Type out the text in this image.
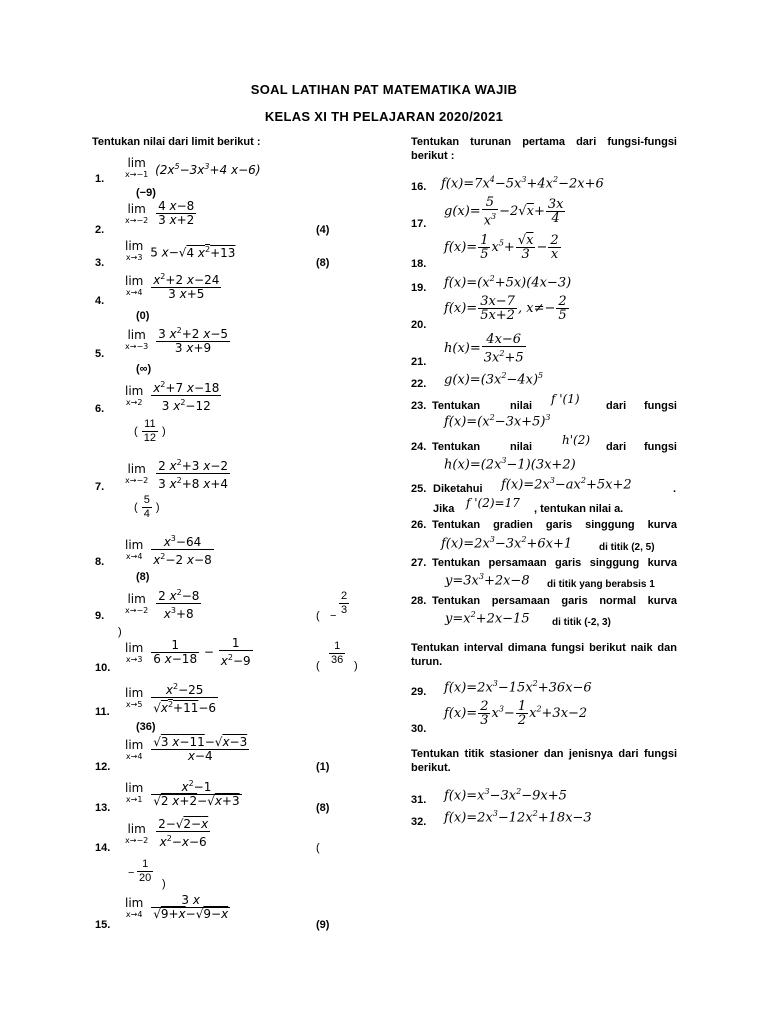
SOAL LATIHAN PAT MATEMATIKA WAJIB
KELAS XI TH PELAJARAN 2020/2021
Tentukan nilai dari limit berikut :
1.
lim
x→−1 ($2x^5-3x^3+4$ x−6)
(−9)
2.
lim
x→−2
$\frac{4 x-8}{3 x+2}$
(4)
3.
lim
x→3 5 x−√4 $x^2+13$
(8)
4.
lim
x→4
$\frac{x^2+2 x-24}{3 x+5}$
(0)
5.
lim
x→−3
$\frac{3 x^2+2 x-5}{3 x+9}$
(∞)
6.
lim
x→2
$\frac{x^2+7 x-18}{3 x^2-12}$
( $\frac{11}{12}$ )
7.
lim
x→−2
$\frac{2 x^2+3 x-2}{3 x^2+8 x+4}$
( $\frac{5}{4}$ )
8.
lim
x→4
$\frac{x^3-64}{x^2-2 x-8}$
(8)
9.
lim
x→−2
$\frac{2 x^2-8}{x^3+8}$	( − $\frac{2}{3}$
)
10.
lim
x→3
$\frac{1}{6 x-18} - \frac{1}{x^2-9}$	( $\frac{1}{36}$ )
11.
lim
x→5
$\frac{x^2-25}{√x^2+11-6}$
(36)
12.
lim
x→4
$\frac{√3 x-11-√x-3}{x-4}$
(1)
13.
lim
x→1
$\frac{x^2-1}{√2 x+2-√x+3}$	(8)
14.
lim
x→−2
$\frac{2-√2-x}{x^2-x-6}$	(
− $\frac{1}{20}$ )
15.
lim
x→4
$\frac{3 x}{√9+x-√9-x}$
(9)
Tentukan turunan pertama dari fungsi-fungsi berikut :
16. $f(x)=7x^4-5x^3+4x^2-2x+6$
17.
$g(x)= \frac{5}{x^3} -2√x+ \frac{3x}{4}$
18.
$f(x)= \frac{1}{5} x^5+ \frac{√x}{3} - \frac{2}{x}$
19. $f(x)=(x^2+5x)(4x-3)$
20.
$f(x)= \frac{3x-7}{5x+2}$ , $x\ne- \frac{2}{5}$
21.
$h(x)= \frac{4x-6}{3x^2+5}$
22. $g(x)=(3x^2-4x)^5$
23. Tentukan	nilai f '(1) dari fungsi
$f(x)=(x^2-3x+5)^3$
24. Tentukan	nilai h'(2) dari fungsi
$h(x)=(2x^3-1)(3x+2)$
25. Diketahui $f(x)=2x^3-ax^2+5x+2$	.
Jika f '(2)=17 , tentukan nilai a.
26. Tentukan gradien garis singgung kurva
$f(x)=2x^3-3x^2+6x+1$	di titik (2, 5)
27. Tentukan persamaan garis singgung kurva
$y=3x^3+2x-8$ di titik yang berabsis 1
28. Tentukan persamaan garis normal kurva
$y=x^2+2x-15$ di titik (-2, 3)
Tentukan interval dimana fungsi berikut naik dan turun.
29. $f(x)=2x^3-15x^2+36x-6$
30.
$f(x)= \frac{2}{3} x^3- \frac{1}{2} x^2+3x-2$
Tentukan titik stasioner dan jenisnya dari fungsi berikut.
31. $f(x)=x^3-3x^2-9x+5$
32. $f(x)=2x^3-12x^2+18x-3$
